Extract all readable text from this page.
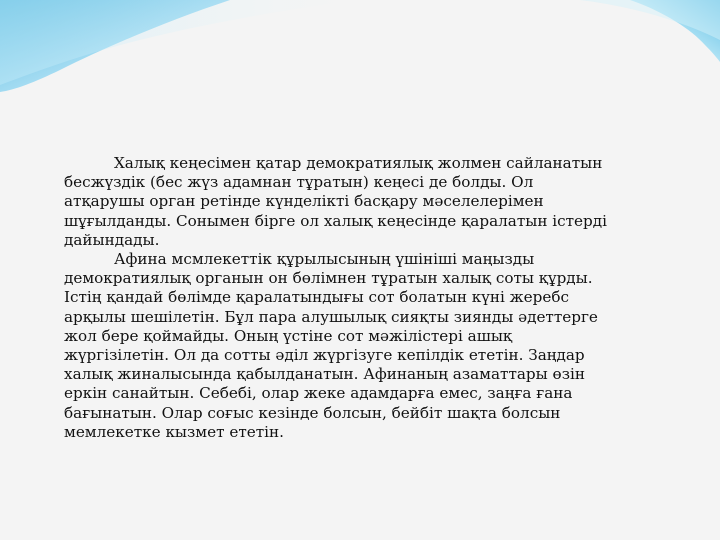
Халық кеңесімен қатар демократиялық жолмен сайланатын
бесжүздік (бес жүз адамнан тұратын) кеңесі де болды. Ол
атқарушы орган ретінде күнделікті басқару мәселелерімен
шұғылданды. Сонымен бірге ол халық кеңесінде қаралатын істерді
дайындады.

Афина мсмлекеттік құрылысының үшініші маңызды
демократиялық органын он бөлімнен тұратын халық соты құрды.
Істің қандай бөлімде қаралатындығы сот болатын күні жеребс
арқылы шешілетін. Бұл пара алушылық сияқты зиянды әдеттерге
жол бере қоймайды. Оның үстіне сот мәжілістері ашық
жүргізілетін. Ол да сотты әділ жүргізуге кепілдік ететін. Заңдар
халық жиналысында қабылданатын. Афинаның азаматтары өзін
еркін санайтын. Себебі, олар жеке адамдарға емес, заңға ғана
бағынатын. Олар соғыс кезінде болсын, бейбіт шақта болсын
мемлекетке кызмет ететін.
